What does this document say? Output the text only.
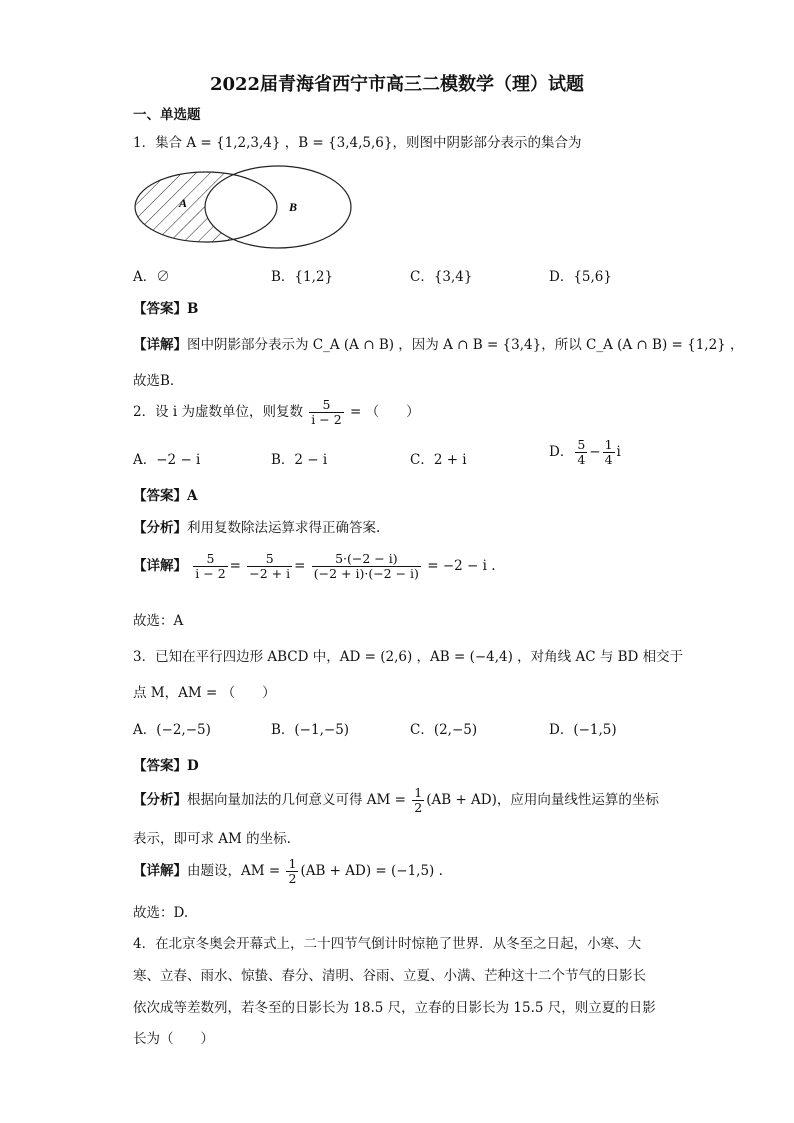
2022届青海省西宁市高三二模数学（理）试题
一、单选题
1．集合 A = {1,2,3,4} ，B = {3,4,5,6}，则图中阴影部分表示的集合为
A	B
A．∅	B．{1,2}	C．{3,4}	D．{5,6}
【答案】B
【详解】图中阴影部分表示为 C_A (A ∩ B) ，因为 A ∩ B = {3,4}，所以 C_A (A ∩ B) = {1,2} ，
故选B．
2．设 i 为虚数单位，则复数 $\frac{5}{i - 2}$ = （　　）
A．−2 − i	B．2 − i	C．2 + i	D． $\frac{5}{4} - \frac{1}{4}$ i
【答案】A
【分析】利用复数除法运算求得正确答案.
【详解】 $\frac{5}{i - 2} = \frac{5}{-2 + i} = \frac{5\cdot(-2 - i)}{(-2 + i)\cdot(-2 - i)} = -2 - i$ .
故选：A
3．已知在平行四边形 ABCD 中，AD = (2,6) ，AB = (−4,4) ，对角线 AC 与 BD 相交于
点 M，AM = （　　）
A．(−2,−5)	B．(−1,−5)	C．(2,−5)	D．(−1,5)
【答案】D
【分析】根据向量加法的几何意义可得 AM = $\frac{1}{2} (AB + AD)$，应用向量线性运算的坐标
表示，即可求 AM 的坐标.
【详解】由题设，AM = $\frac{1}{2} (AB + AD) = (-1,5)$ .
故选：D.
4．在北京冬奥会开幕式上，二十四节气倒计时惊艳了世界．从冬至之日起，小寒、大
寒、立春、雨水、惊蛰、春分、清明、谷雨、立夏、小满、芒种这十二个节气的日影长
依次成等差数列，若冬至的日影长为 18.5 尺，立春的日影长为 15.5 尺，则立夏的日影
长为（　　）
